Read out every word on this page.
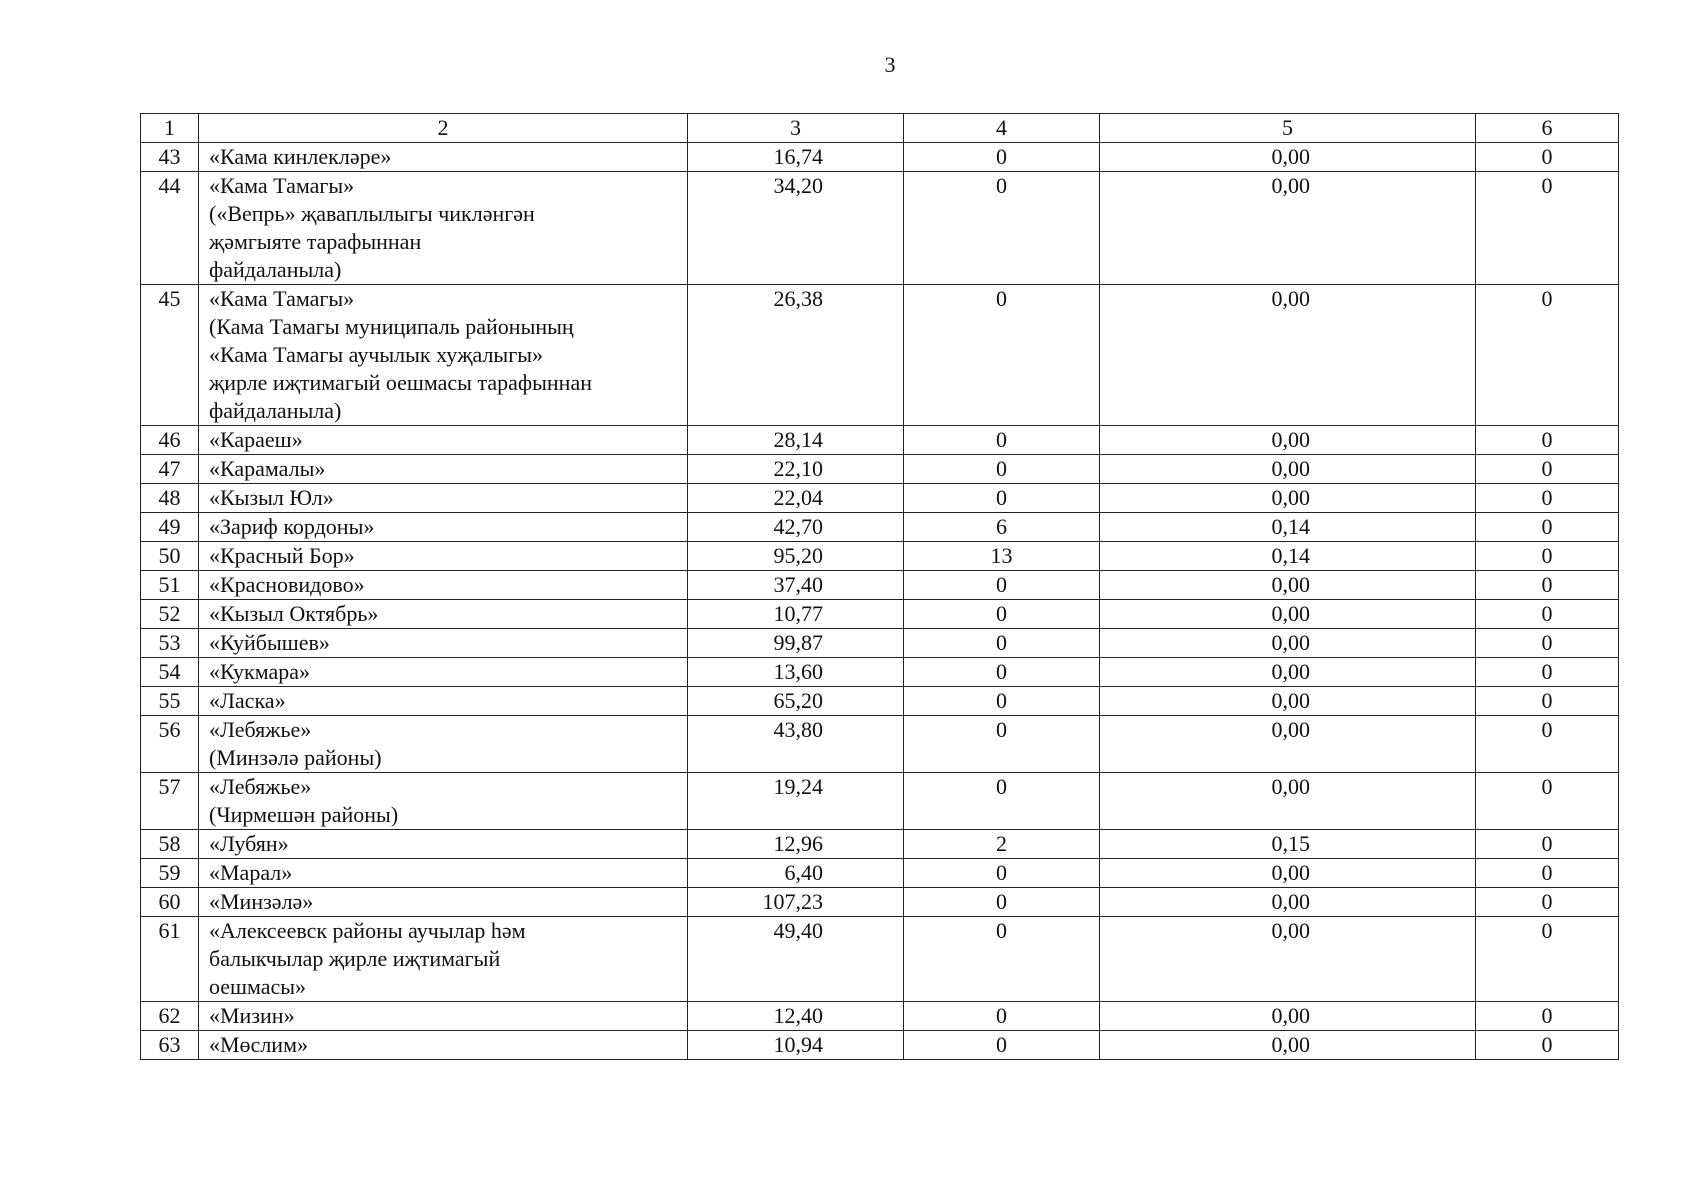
3
1	2	3	4	5	6
43	«Кама кинлеклəре»	16,74	0	0,00	0
44	«Кама Тамагы»
(«Вепрь» җаваплылыгы чикләнгән
җәмгыяте тарафыннан
файдаланыла)	34,20	0	0,00	0
45	«Кама Тамагы»
(Кама Тамагы муниципаль районының
«Кама Тамагы аучылык хуҗалыгы»
җирле иҗтимагый оешмасы тарафыннан
файдаланыла)	26,38	0	0,00	0
46	«Караеш»	28,14	0	0,00	0
47	«Карамалы»	22,10	0	0,00	0
48	«Кызыл Юл»	22,04	0	0,00	0
49	«Зариф кордоны»	42,70	6	0,14	0
50	«Красный Бор»	95,20	13	0,14	0
51	«Красновидово»	37,40	0	0,00	0
52	«Кызыл Октябрь»	10,77	0	0,00	0
53	«Куйбышев»	99,87	0	0,00	0
54	«Кукмара»	13,60	0	0,00	0
55	«Ласка»	65,20	0	0,00	0
56	«Лебяжье»
(Минзәлә районы)	43,80	0	0,00	0
57	«Лебяжье»
(Чирмешән районы)	19,24	0	0,00	0
58	«Лубян»	12,96	2	0,15	0
59	«Марал»	6,40	0	0,00	0
60	«Минзәлә»	107,23	0	0,00	0
61	«Алексеевск районы аучылар һәм
балыкчылар җирле иҗтимагый
оешмасы»	49,40	0	0,00	0
62	«Мизин»	12,40	0	0,00	0
63	«Мөслим»	10,94	0	0,00	0
